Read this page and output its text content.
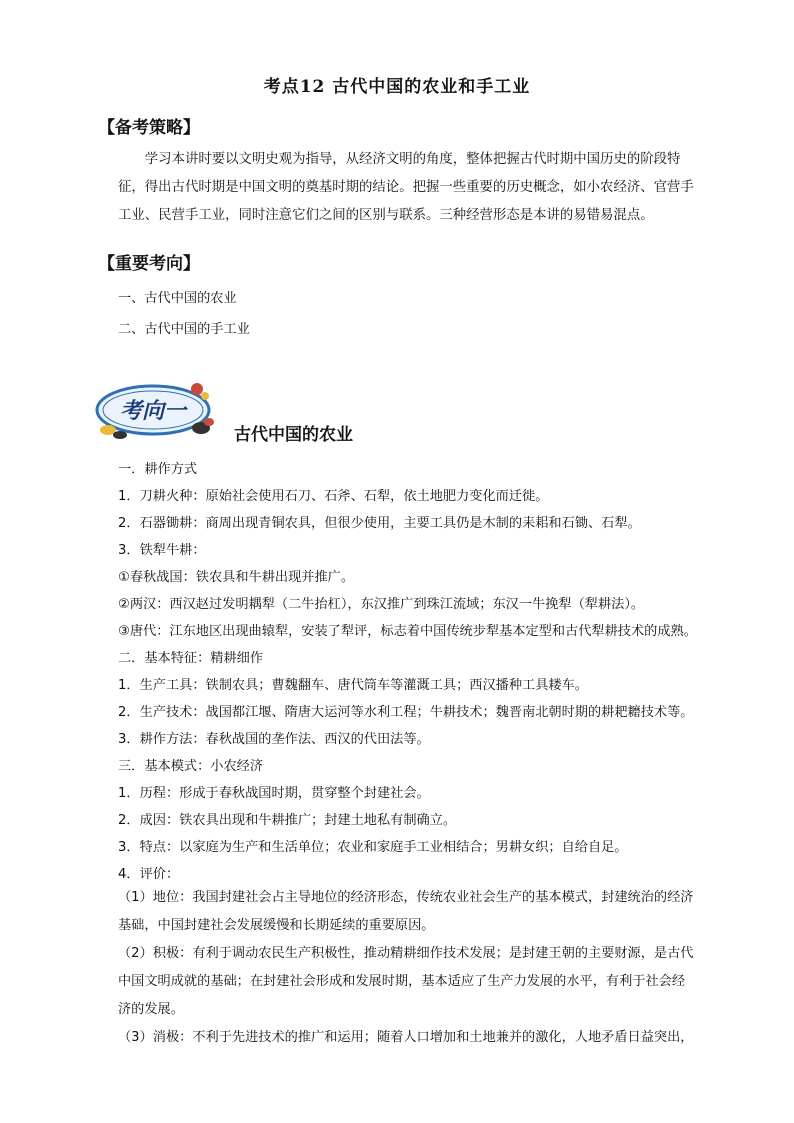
考点12 古代中国的农业和手工业
【备考策略】

学习本讲时要以文明史观为指导，从经济文明的角度，整体把握古代时期中国历史的阶段特征，得出古代时期是中国文明的奠基时期的结论。把握一些重要的历史概念，如小农经济、官营手工业、民营手工业，同时注意它们之间的区别与联系。三种经营形态是本讲的易错易混点。

【重要考向】
一、古代中国的农业
二、古代中国的手工业
考向一
古代中国的农业
一．耕作方式
1．刀耕火种：原始社会使用石刀、石斧、石犁，依土地肥力变化而迁徙。
2．石器锄耕：商周出现青铜农具，但很少使用，主要工具仍是木制的耒耜和石锄、石犁。
3．铁犁牛耕：
①春秋战国：铁农具和牛耕出现并推广。
②两汉：西汉赵过发明耦犁（二牛抬杠），东汉推广到珠江流域；东汉一牛挽犁（犁耕法）。
③唐代：江东地区出现曲辕犁，安装了犁评，标志着中国传统步犁基本定型和古代犁耕技术的成熟。
二．基本特征：精耕细作
1．生产工具：铁制农具；曹魏翻车、唐代筒车等灌溉工具；西汉播种工具耧车。
2．生产技术：战国都江堰、隋唐大运河等水利工程；牛耕技术；魏晋南北朝时期的耕耙耱技术等。
3．耕作方法：春秋战国的垄作法、西汉的代田法等。
三．基本模式：小农经济
1．历程：形成于春秋战国时期，贯穿整个封建社会。
2．成因：铁农具出现和牛耕推广；封建土地私有制确立。
3．特点：以家庭为生产和生活单位；农业和家庭手工业相结合；男耕女织；自给自足。
4．评价：

（1）地位：我国封建社会占主导地位的经济形态，传统农业社会生产的基本模式，封建统治的经济基础，中国封建社会发展缓慢和长期延续的重要原因。

（2）积极：有利于调动农民生产积极性，推动精耕细作技术发展；是封建王朝的主要财源，是古代中国文明成就的基础；在封建社会形成和发展时期，基本适应了生产力发展的水平，有利于社会经济的发展。

（3）消极：不利于先进技术的推广和运用；随着人口增加和土地兼并的激化，人地矛盾日益突出，
